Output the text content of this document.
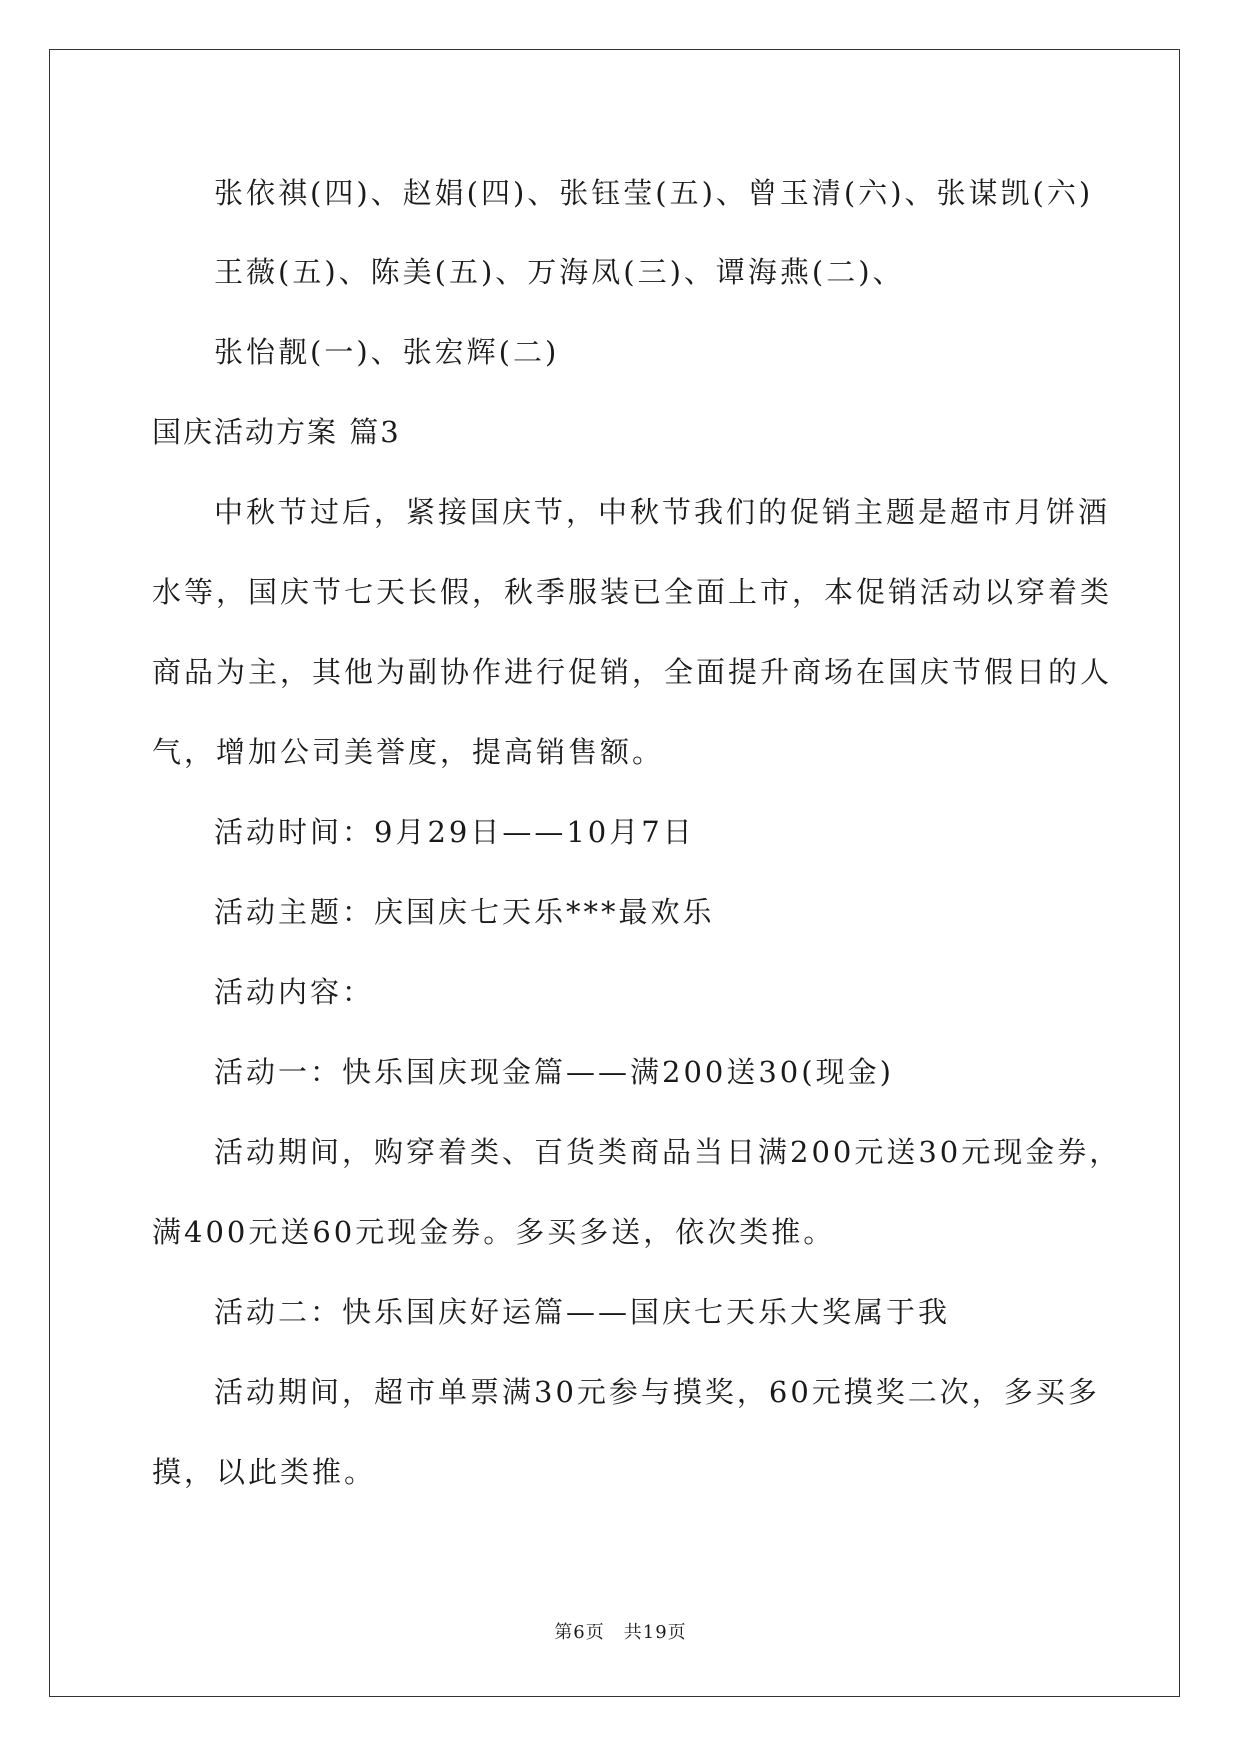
张依祺(四)、赵娟(四)、张钰莹(五)、曾玉清(六)、张谋凯(六)
王薇(五)、陈美(五)、万海凤(三)、谭海燕(二)、
张怡靓(一)、张宏辉(二)
国庆活动方案 篇3
中秋节过后，紧接国庆节，中秋节我们的促销主题是超市月饼酒
水等，国庆节七天长假，秋季服装已全面上市，本促销活动以穿着类
商品为主，其他为副协作进行促销，全面提升商场在国庆节假日的人
气，增加公司美誉度，提高销售额。
活动时间：9月29日——10月7日
活动主题：庆国庆七天乐***最欢乐
活动内容：
活动一：快乐国庆现金篇——满200送30(现金)
活动期间，购穿着类、百货类商品当日满200元送30元现金券，
满400元送60元现金券。多买多送，依次类推。
活动二：快乐国庆好运篇——国庆七天乐大奖属于我
活动期间，超市单票满30元参与摸奖，60元摸奖二次，多买多
摸，以此类推。
第6页　共19页
